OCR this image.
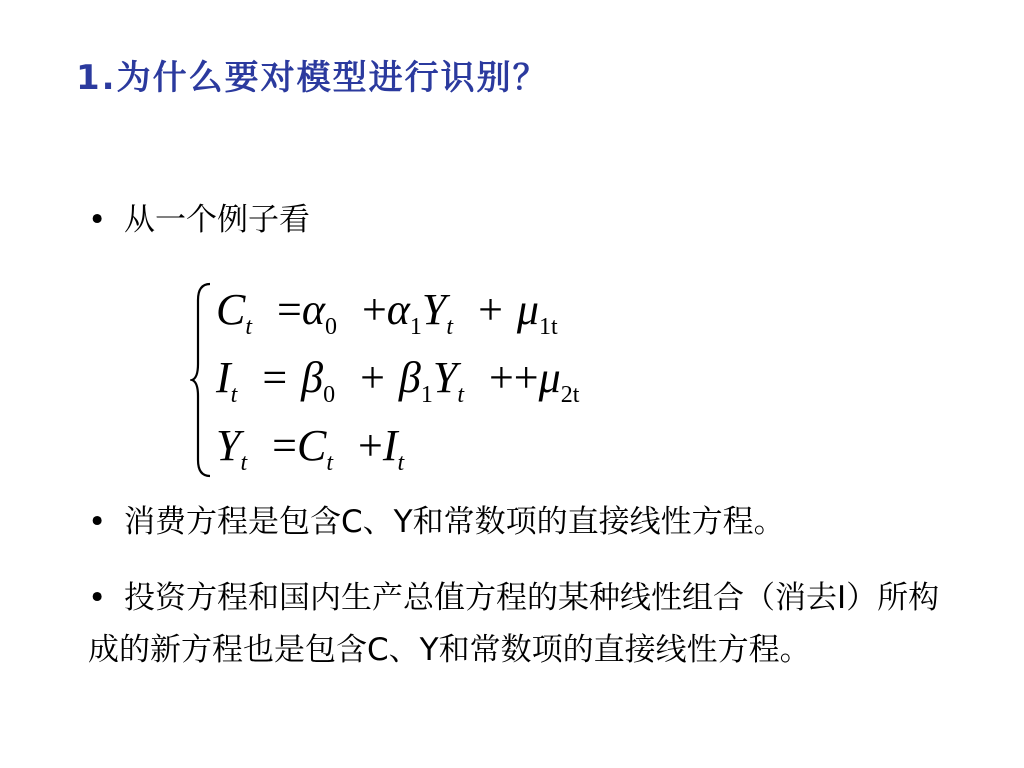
1.为什么要对模型进行识别？
• 从一个例子看
$C_t =\alpha_0 +\alpha_1Y_t + \mu_{1t}$
$I_t = \beta_0 + \beta_1Y_t ++\mu_{2t}$
$Y_t =C_t +I_t$
• 消费方程是包含C、Y和常数项的直接线性方程。
• 投资方程和国内生产总值方程的某种线性组合（消去I）所构成的新方程也是包含C、Y和常数项的直接线性方程。
